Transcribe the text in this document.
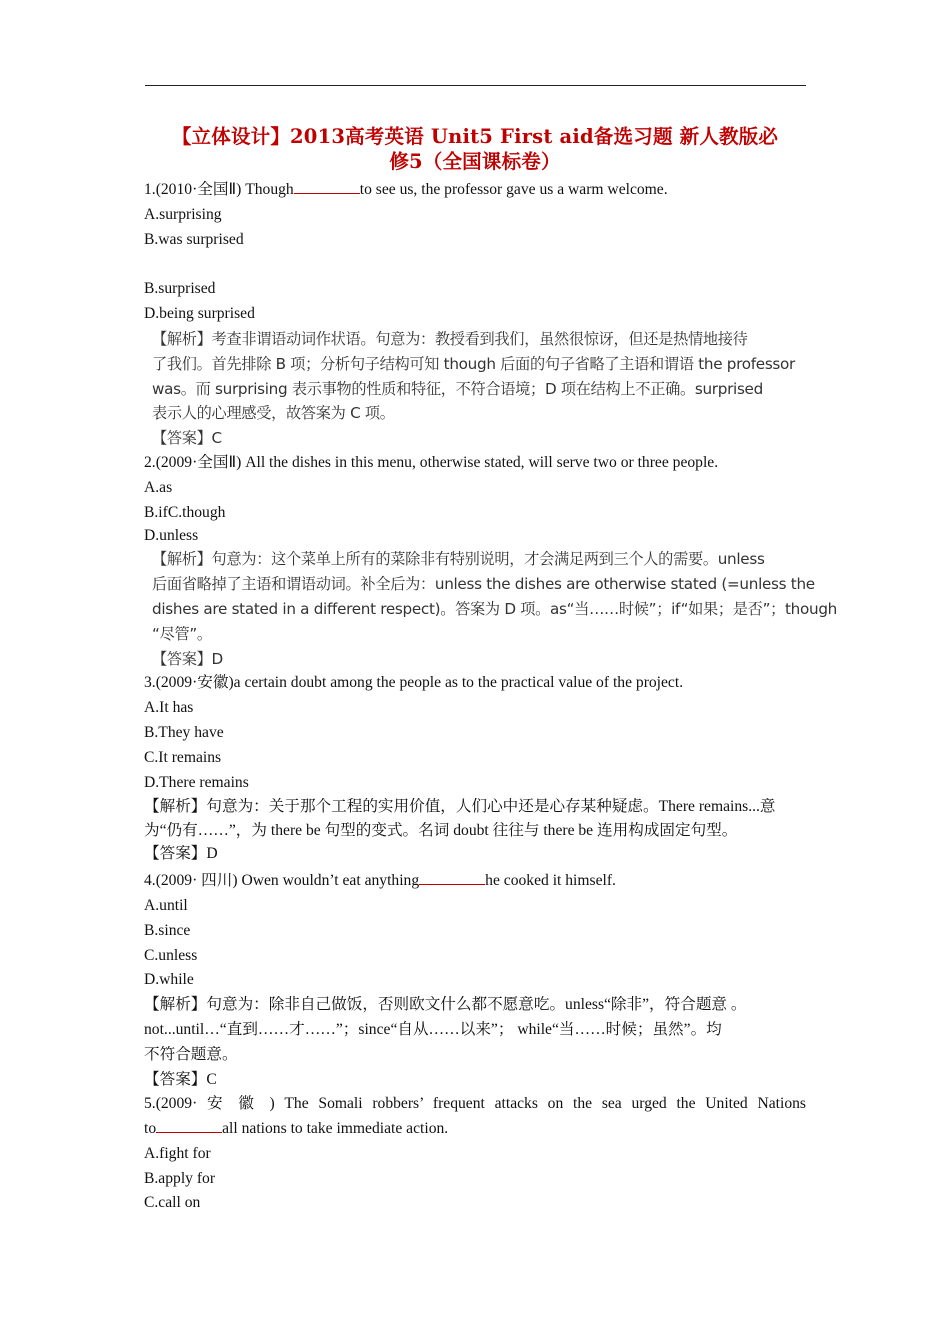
【立体设计】2013高考英语 Unit5 First aid备选习题 新人教版必
修5（全国课标卷）
1.(2010·全国Ⅱ) Though	to see us, the professor gave us a warm welcome.
A.surprising
B.was surprised
B.surprised
D.being surprised
【解析】考查非谓语动词作状语。句意为：教授看到我们，虽然很惊讶，但还是热情地接待
了我们。首先排除 B 项；分析句子结构可知 though 后面的句子省略了主语和谓语 the professor
was。而 surprising 表示事物的性质和特征，不符合语境；D 项在结构上不正确。surprised
表示人的心理感受，故答案为 C 项。
【答案】C
2.(2009·全国Ⅱ) All the dishes in this menu, otherwise stated, will serve two or three people.
A.as
B.ifC.though
D.unless
【解析】句意为：这个菜单上所有的菜除非有特别说明，才会满足两到三个人的需要。unless
后面省略掉了主语和谓语动词。补全后为：unless the dishes are otherwise stated (=unless the
dishes are stated in a different respect)。答案为 D 项。as“当……时候”；if“如果；是否”；though
“尽管”。
【答案】D
3.(2009·安徽)a certain doubt among the people as to the practical value of the project.
A.It has
B.They have
C.It remains
D.There remains
【解析】句意为：关于那个工程的实用价值，人们心中还是心存某种疑虑。There remains...意
为“仍有……”，为 there be 句型的变式。名词 doubt 往往与 there be 连用构成固定句型。
【答案】D
4.(2009· 四川) Owen wouldn’t eat anything	he cooked it himself.
A.until
B.since
C.unless
D.while
【解析】句意为：除非自己做饭，否则欧文什么都不愿意吃。unless“除非”，符合题意 。
not...until…“直到……才……”；since“自从……以来”； while“当……时候；虽然”。均
不符合题意。
【答案】C
5.(2009· 安 徽 ) The Somali robbers’ frequent attacks on the sea urged the United Nations
to	all nations to take immediate action.
A.fight for
B.apply for
C.call on
